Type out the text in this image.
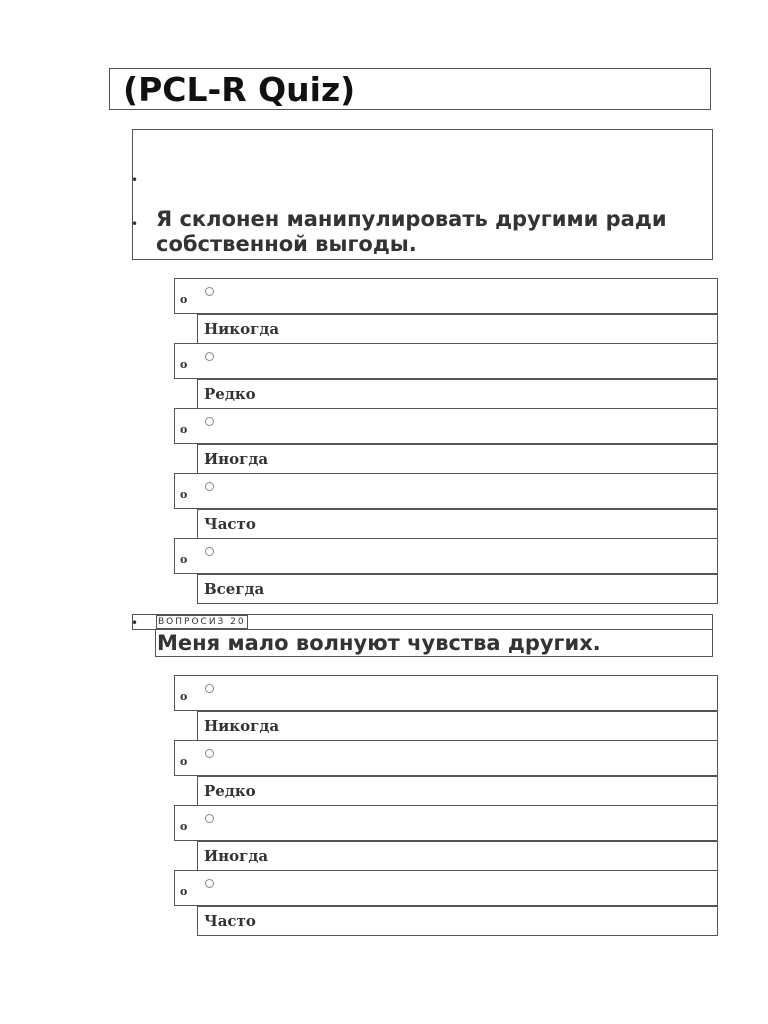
(PCL-R Quiz)
•
• Я склонен манипулировать другими ради собственной выгоды.
o
Никогда
o
Редко
o
Иногда
o
Часто
o
Всегда
• ВОПРОСИЗ 20
Меня мало волнуют чувства других.
o
Никогда
o
Редко
o
Иногда
o
Часто
